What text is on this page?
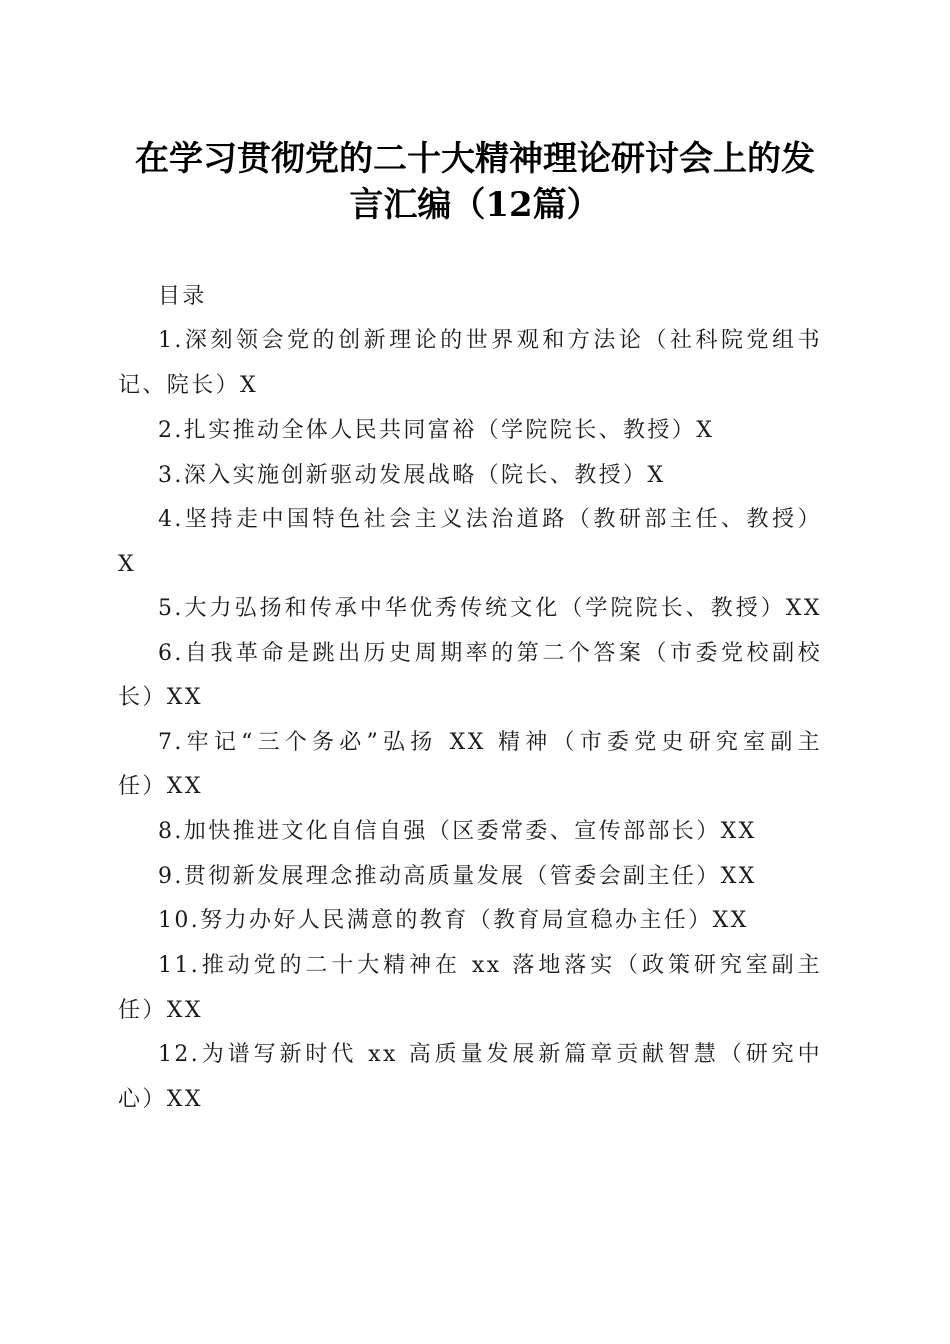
在学习贯彻党的二十大精神理论研讨会上的发
言汇编（12篇）
目录
1.深刻领会党的创新理论的世界观和方法论（社科院党组书
记、院长）X
2.扎实推动全体人民共同富裕（学院院长、教授）X
3.深入实施创新驱动发展战略（院长、教授）X
4.坚持走中国特色社会主义法治道路（教研部主任、教授）
X
5.大力弘扬和传承中华优秀传统文化（学院院长、教授）XX
6.自我革命是跳出历史周期率的第二个答案（市委党校副校
长）XX
7.牢记“三个务必”弘扬 XX 精神（市委党史研究室副主
任）XX
8.加快推进文化自信自强（区委常委、宣传部部长）XX
9.贯彻新发展理念推动高质量发展（管委会副主任）XX
10.努力办好人民满意的教育（教育局宣稳办主任）XX
11.推动党的二十大精神在 xx 落地落实（政策研究室副主
任）XX
12.为谱写新时代 xx 高质量发展新篇章贡献智慧（研究中
心）XX
